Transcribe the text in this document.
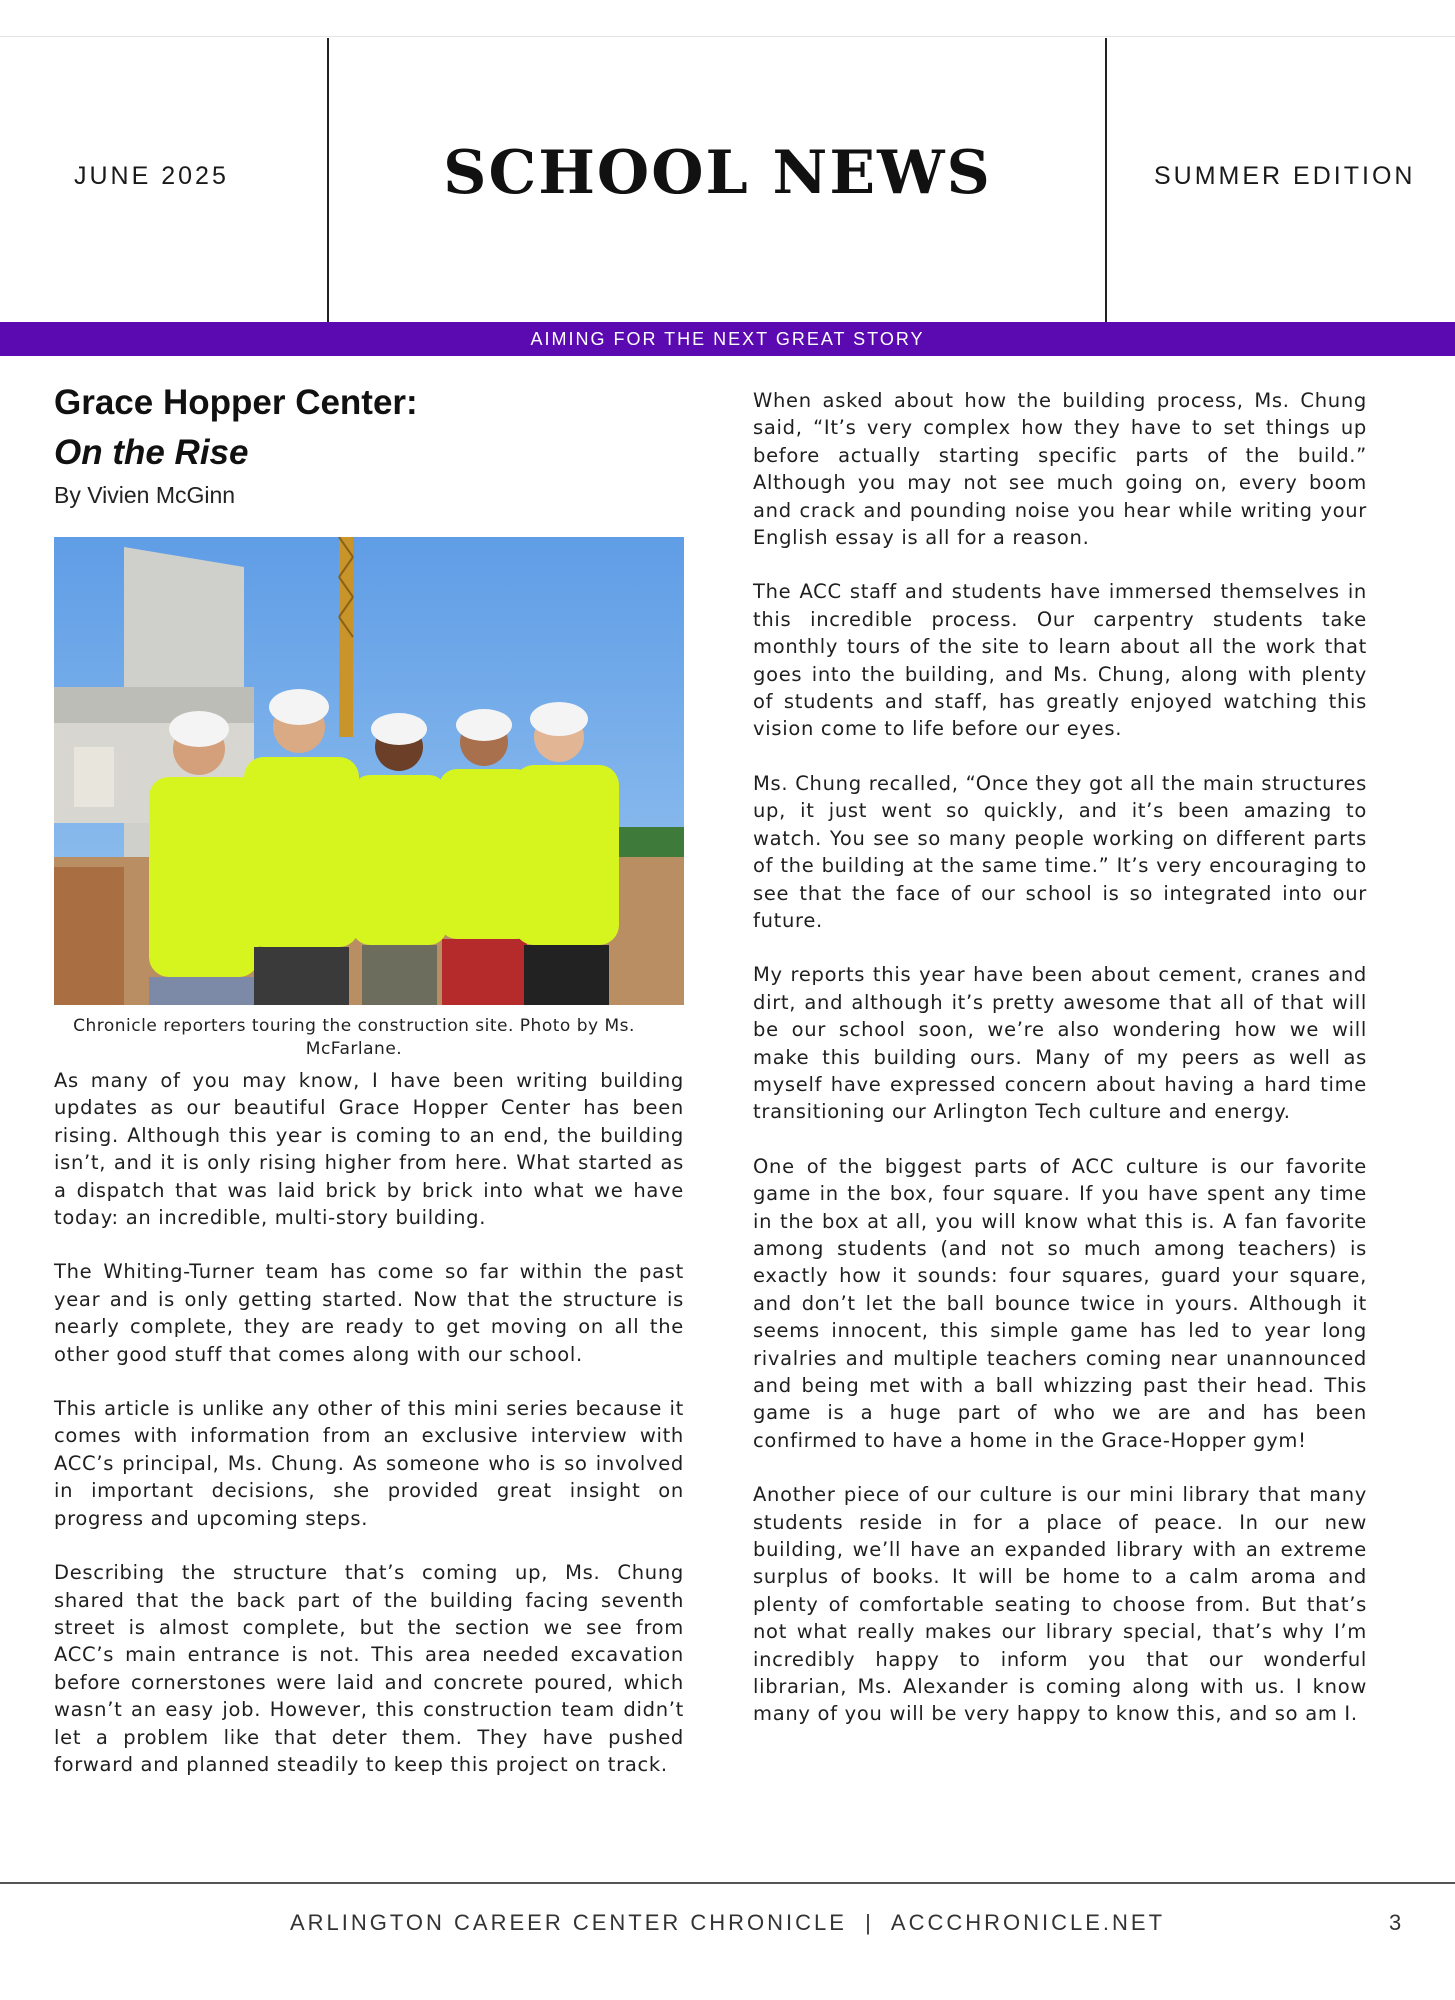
JUNE 2025	SCHOOL NEWS	SUMMER EDITION
AIMING FOR THE NEXT GREAT STORY
Grace Hopper Center:
On the Rise
By Vivien McGinn
Chronicle reporters touring the construction site. Photo by Ms. McFarlane.

As many of you may know, I have been writing building updates as our beautiful Grace Hopper Center has been rising. Although this year is coming to an end, the building isn’t, and it is only rising higher from here. What started as a dispatch that was laid brick by brick into what we have today: an incredible, multi-story building.

The Whiting-Turner team has come so far within the past year and is only getting started. Now that the structure is nearly complete, they are ready to get moving on all the other good stuff that comes along with our school.

This article is unlike any other of this mini series because it comes with information from an exclusive interview with ACC’s principal, Ms. Chung. As someone who is so involved in important decisions, she provided great insight on progress and upcoming steps.

Describing the structure that’s coming up, Ms. Chung shared that the back part of the building facing seventh street is almost complete, but the section we see from ACC’s main entrance is not. This area needed excavation before cornerstones were laid and concrete poured, which wasn’t an easy job. However, this construction team didn’t let a problem like that deter them. They have pushed forward and planned steadily to keep this project on track.

When asked about how the building process, Ms. Chung said, “It’s very complex how they have to set things up before actually starting specific parts of the build.” Although you may not see much going on, every boom and crack and pounding noise you hear while writing your English essay is all for a reason.

The ACC staff and students have immersed themselves in this incredible process. Our carpentry students take monthly tours of the site to learn about all the work that goes into the building, and Ms. Chung, along with plenty of students and staff, has greatly enjoyed watching this vision come to life before our eyes.

Ms. Chung recalled, “Once they got all the main structures up, it just went so quickly, and it’s been amazing to watch. You see so many people working on different parts of the building at the same time.” It’s very encouraging to see that the face of our school is so integrated into our future.

My reports this year have been about cement, cranes and dirt, and although it’s pretty awesome that all of that will be our school soon, we’re also wondering how we will make this building ours. Many of my peers as well as myself have expressed concern about having a hard time transitioning our Arlington Tech culture and energy.

One of the biggest parts of ACC culture is our favorite game in the box, four square. If you have spent any time in the box at all, you will know what this is. A fan favorite among students (and not so much among teachers) is exactly how it sounds: four squares, guard your square, and don’t let the ball bounce twice in yours. Although it seems innocent, this simple game has led to year long rivalries and multiple teachers coming near unannounced and being met with a ball whizzing past their head. This game is a huge part of who we are and has been confirmed to have a home in the Grace-Hopper gym!

Another piece of our culture is our mini library that many students reside in for a place of peace. In our new building, we’ll have an expanded library with an extreme surplus of books. It will be home to a calm aroma and plenty of comfortable seating to choose from. But that’s not what really makes our library special, that’s why I’m incredibly happy to inform you that our wonderful librarian, Ms. Alexander is coming along with us. I know many of you will be very happy to know this, and so am I.

ARLINGTON CAREER CENTER CHRONICLE  |  ACCCHRONICLE.NET	3
